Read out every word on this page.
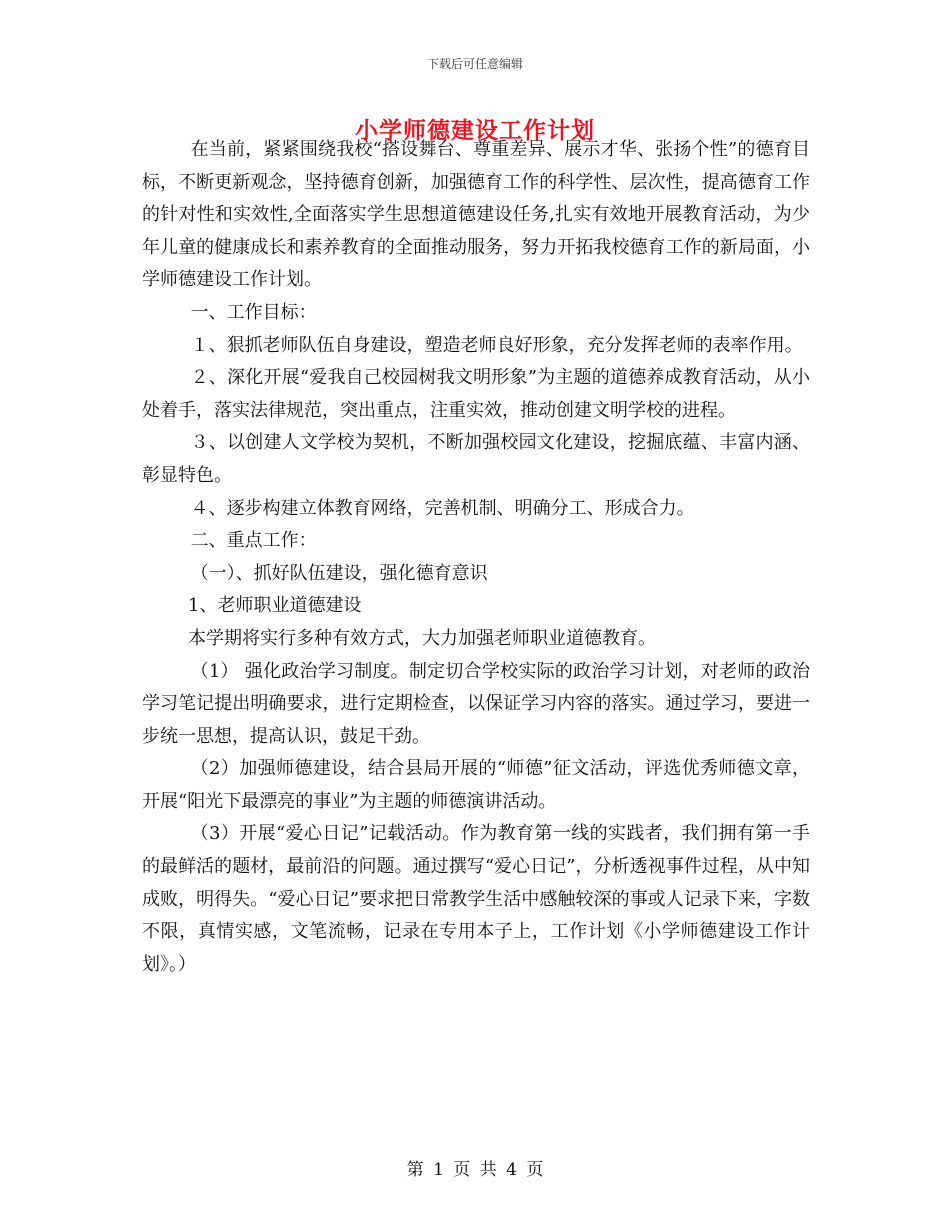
下载后可任意编辑
小学师德建设工作计划

在当前，紧紧围绕我校“搭设舞台、尊重差异、展示才华、张扬个性”的德育目标，不断更新观念，坚持德育创新，加强德育工作的科学性、层次性，提高德育工作的针对性和实效性,全面落实学生思想道德建设任务,扎实有效地开展教育活动，为少年儿童的健康成长和素养教育的全面推动服务，努力开拓我校德育工作的新局面，小学师德建设工作计划。

一、工作目标：

１、狠抓老师队伍自身建设，塑造老师良好形象，充分发挥老师的表率作用。

２、深化开展“爱我自己校园树我文明形象”为主题的道德养成教育活动，从小处着手，落实法律规范，突出重点，注重实效，推动创建文明学校的进程。

３、以创建人文学校为契机，不断加强校园文化建设，挖掘底蕴、丰富内涵、彰显特色。

４、逐步构建立体教育网络，完善机制、明确分工、形成合力。

二、重点工作：

（一）、抓好队伍建设，强化德育意识

1、老师职业道德建设

本学期将实行多种有效方式，大力加强老师职业道德教育。

（1） 强化政治学习制度。制定切合学校实际的政治学习计划，对老师的政治学习笔记提出明确要求，进行定期检查，以保证学习内容的落实。通过学习，要进一步统一思想，提高认识，鼓足干劲。

（2）加强师德建设，结合县局开展的“师德”征文活动，评选优秀师德文章，开展“阳光下最漂亮的事业”为主题的师德演讲活动。

（3）开展“爱心日记”记载活动。作为教育第一线的实践者，我们拥有第一手的最鲜活的题材，最前沿的问题。通过撰写“爱心日记”，分析透视事件过程，从中知成败，明得失。“爱心日记”要求把日常教学生活中感触较深的事或人记录下来，字数不限，真情实感，文笔流畅，记录在专用本子上，工作计划《小学师德建设工作计划》。）

第 1 页 共 4 页
